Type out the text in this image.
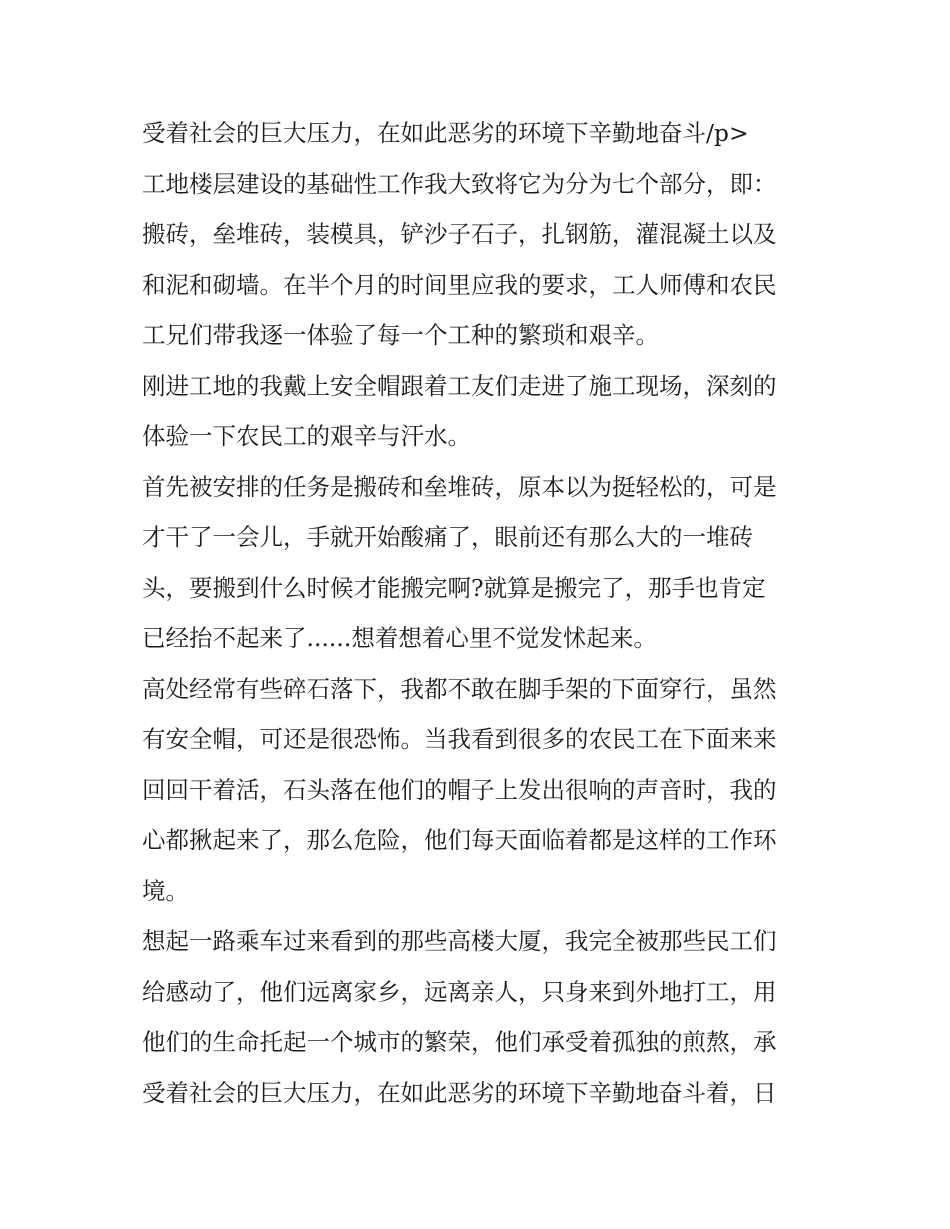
受着社会的巨大压力，在如此恶劣的环境下辛勤地奋斗/p>
工地楼层建设的基础性工作我大致将它为分为七个部分，即：
搬砖，垒堆砖，装模具，铲沙子石子，扎钢筋，灌混凝土以及
和泥和砌墙。在半个月的时间里应我的要求，工人师傅和农民
工兄们带我逐一体验了每一个工种的繁琐和艰辛。
刚进工地的我戴上安全帽跟着工友们走进了施工现场，深刻的
体验一下农民工的艰辛与汗水。
首先被安排的任务是搬砖和垒堆砖，原本以为挺轻松的，可是
才干了一会儿，手就开始酸痛了，眼前还有那么大的一堆砖
头，要搬到什么时候才能搬完啊?就算是搬完了，那手也肯定
已经抬不起来了......想着想着心里不觉发怵起来。
高处经常有些碎石落下，我都不敢在脚手架的下面穿行，虽然
有安全帽，可还是很恐怖。当我看到很多的农民工在下面来来
回回干着活，石头落在他们的帽子上发出很响的声音时，我的
心都揪起来了，那么危险，他们每天面临着都是这样的工作环
境。
想起一路乘车过来看到的那些高楼大厦，我完全被那些民工们
给感动了，他们远离家乡，远离亲人，只身来到外地打工，用
他们的生命托起一个城市的繁荣，他们承受着孤独的煎熬，承
受着社会的巨大压力，在如此恶劣的环境下辛勤地奋斗着，日
